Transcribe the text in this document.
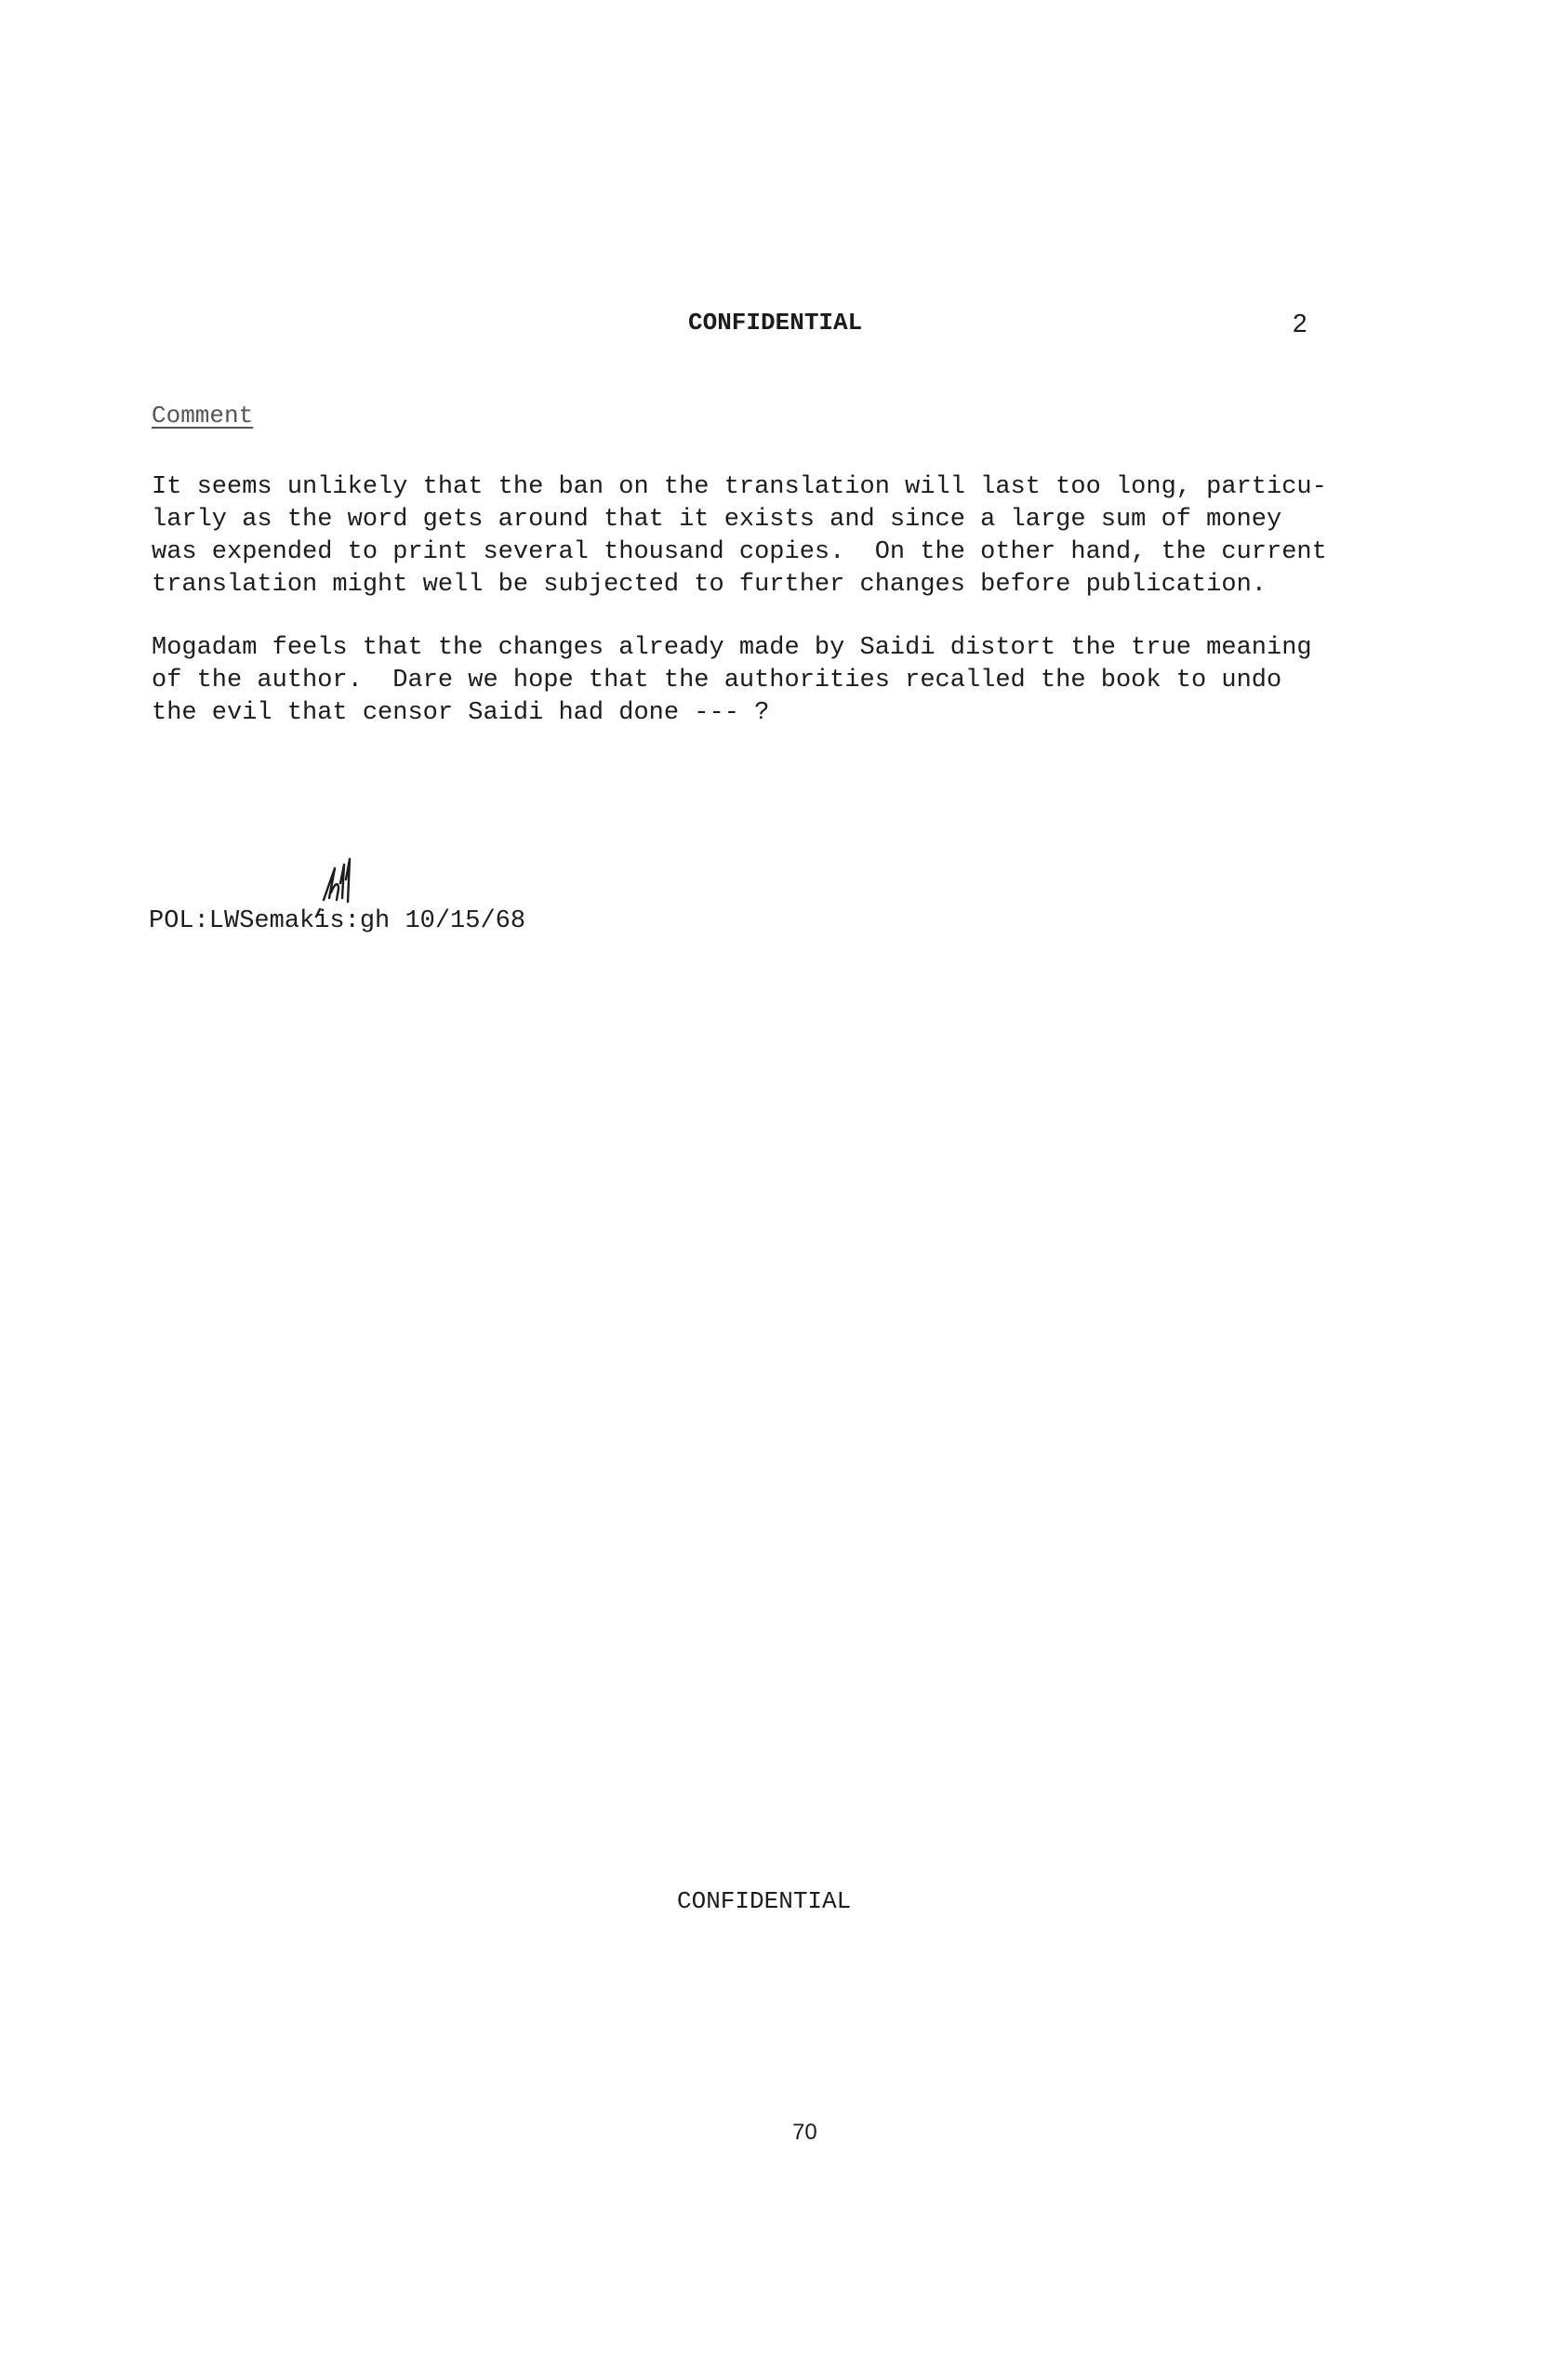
CONFIDENTIAL	2
Comment
It seems unlikely that the ban on the translation will last too long, particu-
larly as the word gets around that it exists and since a large sum of money
was expended to print several thousand copies.  On the other hand, the current
translation might well be subjected to further changes before publication.
Mogadam feels that the changes already made by Saidi distort the true meaning
of the author.  Dare we hope that the authorities recalled the book to undo
the evil that censor Saidi had done --- ?
POL:LWSemakis:gh 10/15/68
CONFIDENTIAL
70
